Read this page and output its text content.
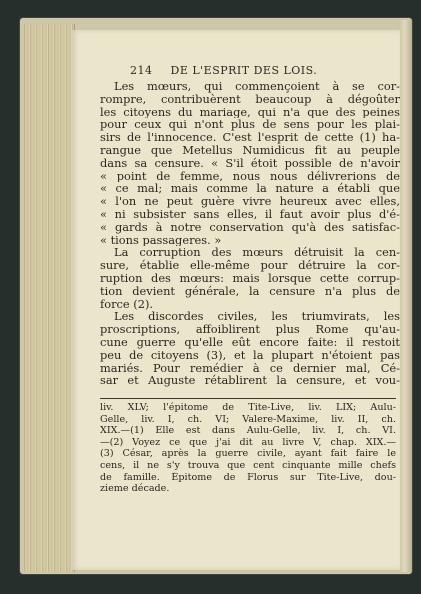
214 DE L'ESPRIT DES LOIS.
Les mœurs, qui commençoient à se cor-
rompre, contribuèrent beaucoup à dégoûter
les citoyens du mariage, qui n'a que des peines
pour ceux qui n'ont plus de sens pour les plai-
sirs de l'innocence. C'est l'esprit de cette (1) ha-
rangue que Metellus Numidicus fit au peuple
dans sa censure. « S'il étoit possible de n'avoir
« point de femme, nous nous délivrerions de
« ce mal; mais comme la nature a établi que
« l'on ne peut guère vivre heureux avec elles,
« ni subsister sans elles, il faut avoir plus d'é-
« gards à notre conservation qu'à des satisfac-
« tions passageres. »
La corruption des mœurs détruisit la cen-
sure, établie elle-même pour détruire la cor-
ruption des mœurs: mais lorsque cette corrup-
tion devient générale, la censure n'a plus de
force (2).
Les discordes civiles, les triumvirats, les
proscriptions, affoiblirent plus Rome qu'au-
cune guerre qu'elle eût encore faite: il restoit
peu de citoyens (3), et la plupart n'étoient pas
mariés. Pour remédier à ce dernier mal, Cé-
sar et Auguste rétablirent la censure, et vou-
liv. XLV; l'épitome de Tite-Live, liv. LIX; Aulu-
Gelle, liv. I, ch. VI; Valere-Maxime, liv. II, ch.
XIX.—(1) Elle est dans Aulu-Gelle, liv. I, ch. VI.
—(2) Voyez ce que j'ai dit au livre V, chap. XIX.—
(3) César, après la guerre civile, ayant fait faire le
cens, il ne s'y trouva que cent cinquante mille chefs
de famille. Épitome de Florus sur Tite-Live, dou-
zieme décade.
